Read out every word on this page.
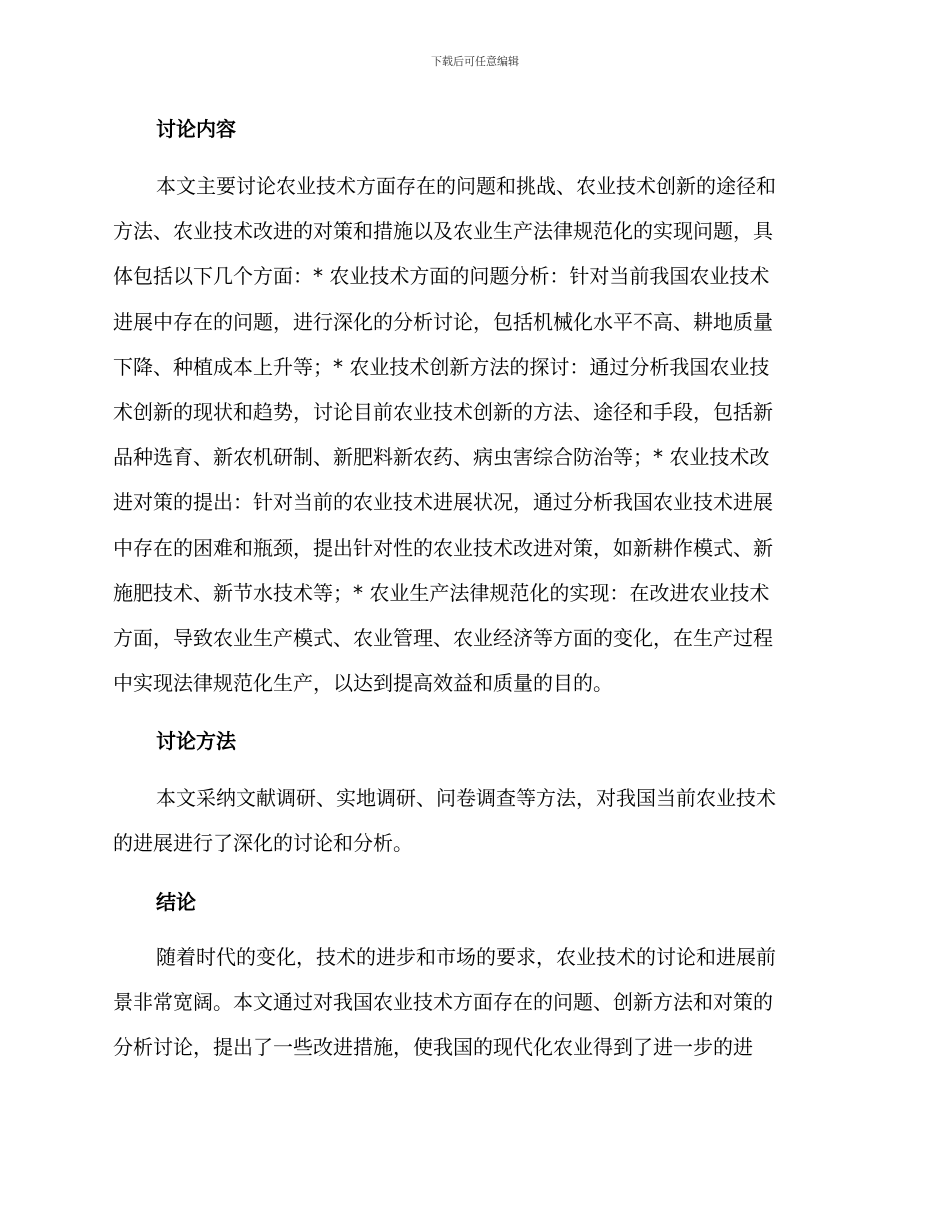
下载后可任意编辑
讨论内容

本文主要讨论农业技术方面存在的问题和挑战、农业技术创新的途径和
方法、农业技术改进的对策和措施以及农业生产法律规范化的实现问题，具
体包括以下几个方面：* 农业技术方面的问题分析：针对当前我国农业技术
进展中存在的问题，进行深化的分析讨论，包括机械化水平不高、耕地质量
下降、种植成本上升等；* 农业技术创新方法的探讨：通过分析我国农业技
术创新的现状和趋势，讨论目前农业技术创新的方法、途径和手段，包括新
品种选育、新农机研制、新肥料新农药、病虫害综合防治等；* 农业技术改
进对策的提出：针对当前的农业技术进展状况，通过分析我国农业技术进展
中存在的困难和瓶颈，提出针对性的农业技术改进对策，如新耕作模式、新
施肥技术、新节水技术等；* 农业生产法律规范化的实现：在改进农业技术
方面，导致农业生产模式、农业管理、农业经济等方面的变化，在生产过程
中实现法律规范化生产，以达到提高效益和质量的目的。

讨论方法

本文采纳文献调研、实地调研、问卷调查等方法，对我国当前农业技术
的进展进行了深化的讨论和分析。

结论

随着时代的变化，技术的进步和市场的要求，农业技术的讨论和进展前
景非常宽阔。本文通过对我国农业技术方面存在的问题、创新方法和对策的
分析讨论，提出了一些改进措施，使我国的现代化农业得到了进一步的进
